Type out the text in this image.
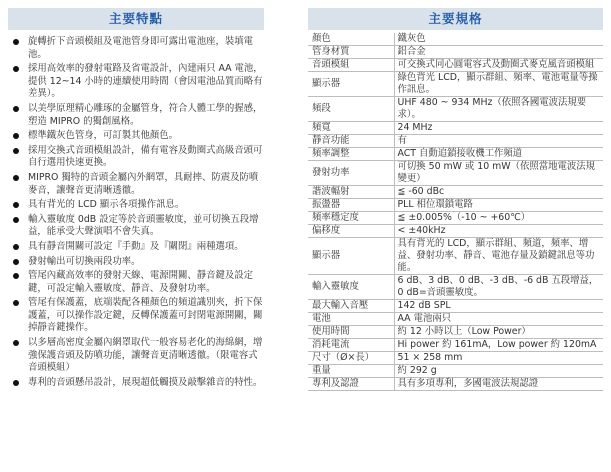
主要特點
旋轉折下音頭模組及電池管身即可露出電池座，裝填電池。
採用高效率的發射電路及省電設計，內建兩只 AA 電池，提供 12~14 小時的連續使用時間（會因電池品質而略有差異）。
以美學原理精心雕琢的金屬管身，符合人體工學的握感，塑造 MIPRO 的獨創風格。
標準鐵灰色管身，可訂製其他顏色。
採用交換式音頭模組設計，備有電容及動圈式高級音頭可自行選用快速更換。
MIPRO 獨特的音頭金屬內外網罩，具耐摔、防震及防噴麥音，讓聲音更清晰透徹。
具有背光的 LCD 顯示各項操作訊息。
輸入靈敏度 0dB 設定等於音頭靈敏度，並可切換五段增益，能承受大聲演唱不會失真。
具有靜音開關可設定『手動』及『關閉』兩種選項。
發射輸出可切換兩段功率。
管尾內藏高效率的發射天線、電源開關、靜音鍵及設定鍵，可設定輸入靈敏度、靜音、及發射功率。
管尾有保護蓋，底端裝配各種顏色的頻道識別夾，折下保護蓋，可以操作設定鍵，反轉保護蓋可封閉電源開關，關掉靜音鍵操作。
以多層高密度金屬內網罩取代一般容易老化的海綿網，增強保護音頭及防噴功能，讓聲音更清晰透徹。（限電容式音頭模組）
專利的音頭懸吊設計，展現超低觸摸及敲擊雜音的特性。
主要規格
顏色	鐵灰色
管身材質	鋁合金
音頭模組	可交換式同心圓電容式及動圈式麥克風音頭模組
顯示器	綠色背光 LCD，顯示群組、頻率、電池電量等操作訊息。
頻段	UHF 480 ~ 934 MHz（依照各國電波法規要求）。
頻寬	24 MHz
靜音功能	有
頻率調整	ACT 自動追鎖接收機工作頻道
發射功率	可切換 50 mW 或 10 mW（依照當地電波法規變更）
諧波輻射	≦ -60 dBc
振盪器	PLL 相位環鎖電路
頻率穩定度	≦ ±0.005%（-10 ~ +60℃）
偏移度	< ±40kHz
顯示器	具有背光的 LCD，顯示群組、頻道，頻率、增益、發射功率、靜音、電池存量及鎖鍵訊息等功能。
輸入靈敏度	6 dB、3 dB、0 dB、-3 dB、-6 dB 五段增益，0 dB=音頭靈敏度。
最大輸入音壓	142 dB SPL
電池	AA 電池兩只
使用時間	約 12 小時以上（Low Power）
消耗電流	Hi power 約 161mA，Low power 約 120mA
尺寸（Ø×長）	51 × 258 mm
重量	約 292 g
專利及認證	具有多項專利，多國電波法規認證
